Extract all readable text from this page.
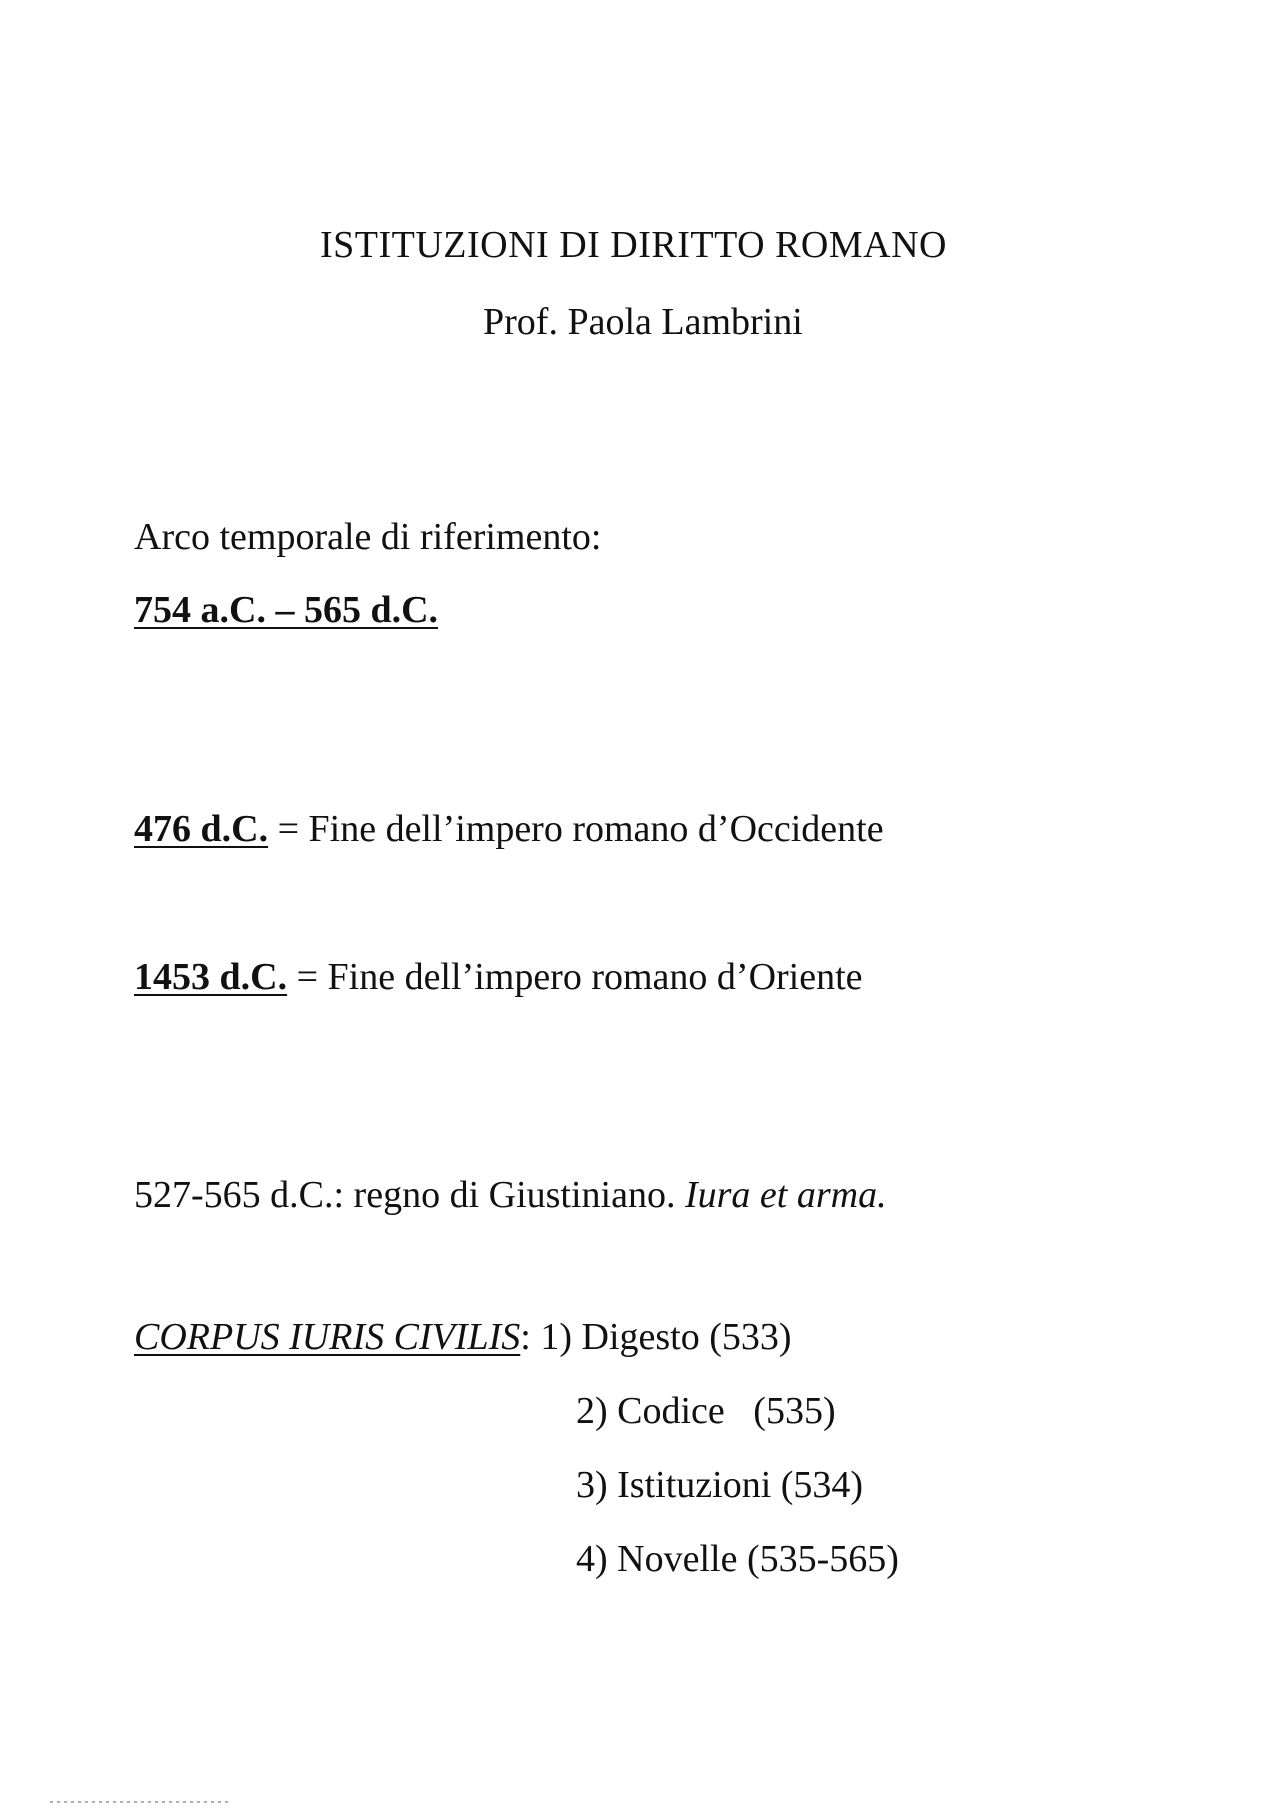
ISTITUZIONI DI DIRITTO ROMANO
Prof. Paola Lambrini
Arco temporale di riferimento:
754 a.C. – 565 d.C.
476 d.C. = Fine dell’impero romano d’Occidente
1453 d.C. = Fine dell’impero romano d’Oriente
527-565 d.C.: regno di Giustiniano. Iura et arma.
CORPUS IURIS CIVILIS: 1) Digesto (533)
2) Codice   (535)
3) Istituzioni (534)
4) Novelle (535-565)
